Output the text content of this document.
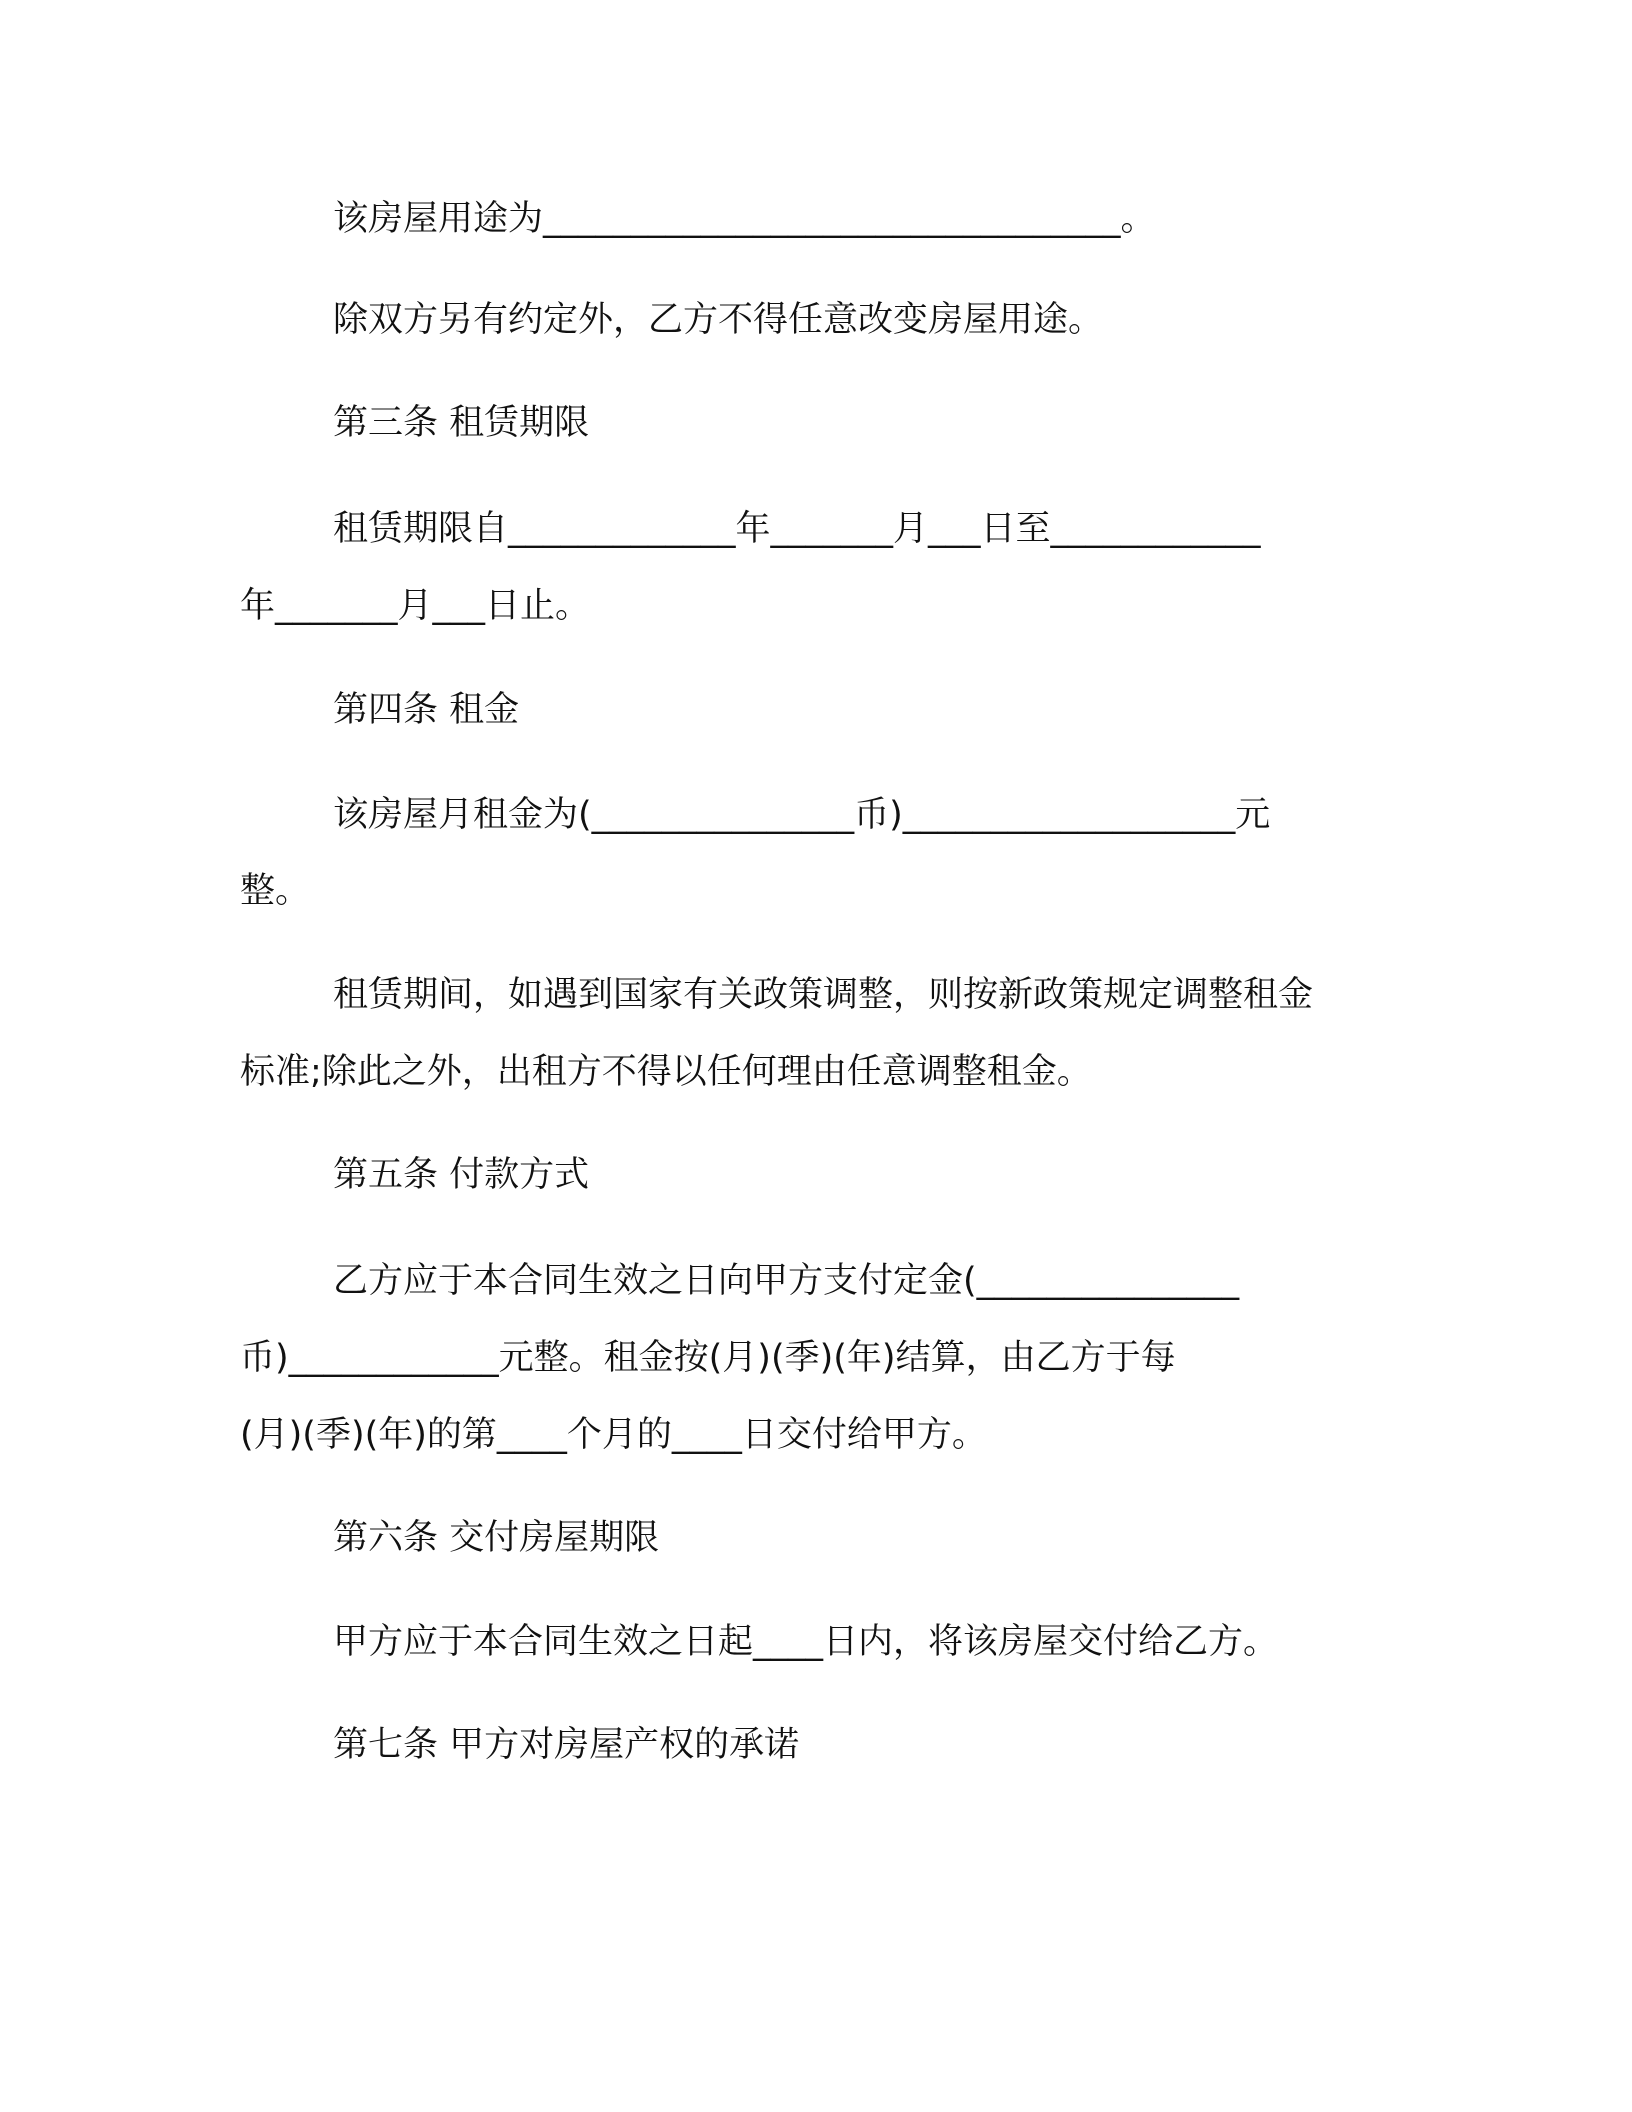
该房屋用途为_________________________________。
除双方另有约定外，乙方不得任意改变房屋用途。
第三条 租赁期限
租赁期限自_____________年_______月___日至____________
年_______月___日止。
第四条 租金
该房屋月租金为(_______________币)___________________元
整。
租赁期间，如遇到国家有关政策调整，则按新政策规定调整租金
标准;除此之外，出租方不得以任何理由任意调整租金。
第五条 付款方式
乙方应于本合同生效之日向甲方支付定金(_______________
币)____________元整。租金按(月)(季)(年)结算，由乙方于每
(月)(季)(年)的第____个月的____日交付给甲方。
第六条 交付房屋期限
甲方应于本合同生效之日起____日内，将该房屋交付给乙方。
第七条 甲方对房屋产权的承诺
